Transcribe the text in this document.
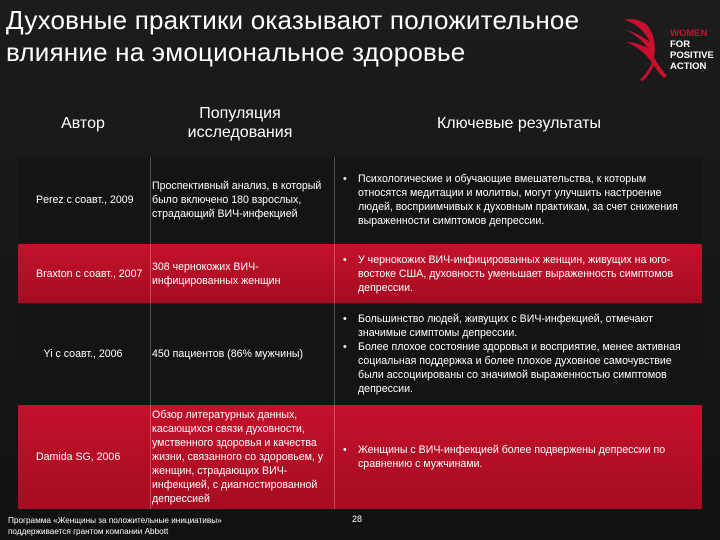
Духовные практики оказывают положительное
влияние на эмоциональное здоровье
WOMEN
FOR
POSITIVE
ACTION
Автор
Популяция
исследования
Ключевые результаты
Perez с соавт., 2009
Проспективный анализ, в который было включено 180 взрослых, страдающий ВИЧ-инфекцией
• Психологические и обучающие вмешательства, к которым относятся медитации и молитвы, могут улучшить настроение людей, восприимчивых к духовным практикам, за счет снижения выраженности симптомов депрессии.
Braxton с соавт., 2007
308 чернокожих ВИЧ-инфицированных женщин
• У чернокожих ВИЧ-инфицированных женщин, живущих на юго-востоке США, духовность уменьшает выраженность симптомов депрессии.
Yi с соавт., 2006	450 пациентов (86% мужчины)
• Большинство людей, живущих с ВИЧ-инфекцией, отмечают значимые симптомы депрессии.
• Более плохое состояние здоровья и восприятие, менее активная социальная поддержка и более плохое духовное самочувствие были ассоциированы со значимой выраженностью симптомов депрессии.
Damida SG, 2006
Обзор литературных данных, касающихся связи духовности, умственного здоровья и качества жизни, связанного со здоровьем, у женщин, страдающих ВИЧ-инфекцией, с диагностированной депрессией
• Женщины с ВИЧ-инфекцией более подвержены депрессии по сравнению с мужчинами.
Программа «Женщины за положительные инициативы»
поддерживается грантом компании Abbott
28
